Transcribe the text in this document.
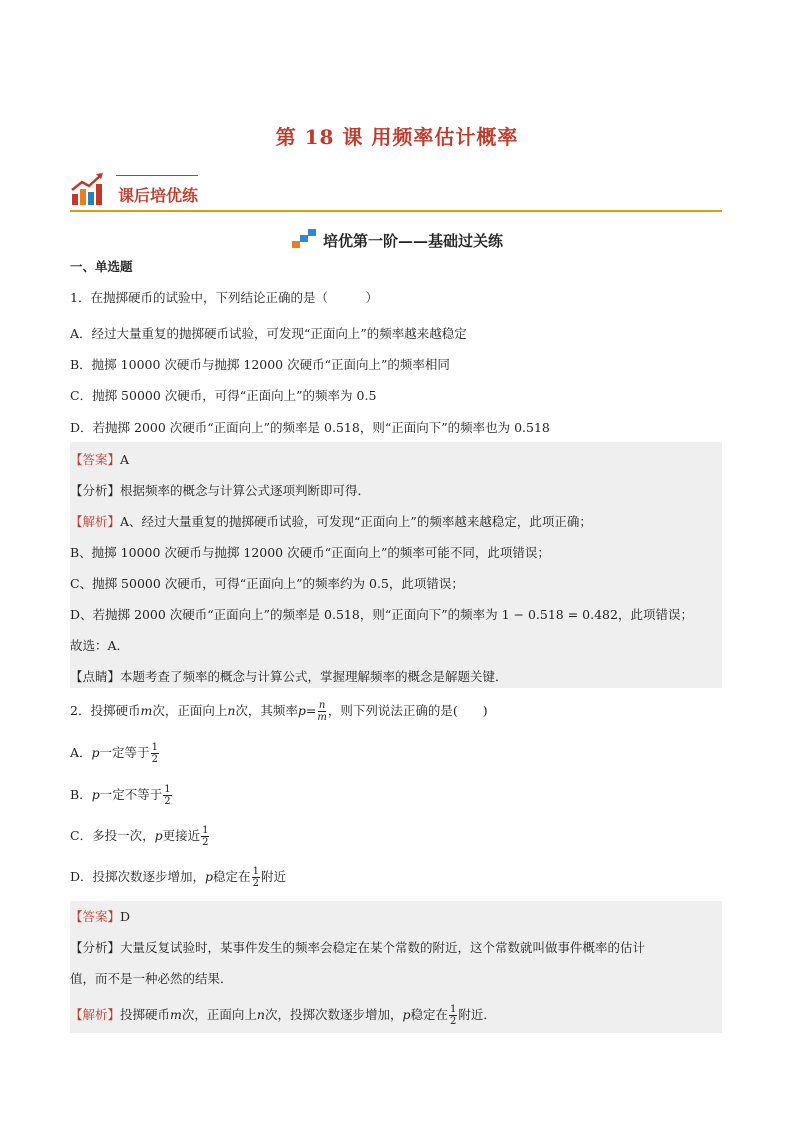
第 18 课 用频率估计概率
课后培优练
培优第一阶——基础过关练
一、单选题
1．在抛掷硬币的试验中，下列结论正确的是（　　　）
A．经过大量重复的抛掷硬币试验，可发现“正面向上”的频率越来越稳定
B．抛掷 10000 次硬币与抛掷 12000 次硬币“正面向上”的频率相同
C．抛掷 50000 次硬币，可得“正面向上”的频率为 0.5
D．若抛掷 2000 次硬币“正面向上”的频率是 0.518，则“正面向下”的频率也为 0.518
【答案】A
【分析】根据频率的概念与计算公式逐项判断即可得．
【解析】A、经过大量重复的抛掷硬币试验，可发现“正面向上”的频率越来越稳定，此项正确；
B、抛掷 10000 次硬币与抛掷 12000 次硬币“正面向上”的频率可能不同，此项错误；
C、抛掷 50000 次硬币，可得“正面向上”的频率约为 0.5，此项错误；
D、若抛掷 2000 次硬币“正面向上”的频率是 0.518，则“正面向下”的频率为 1 − 0.518 = 0.482，此项错误；
故选：A．
【点睛】本题考查了频率的概念与计算公式，掌握理解频率的概念是解题关键．
2．投掷硬币m次，正面向上n次，其频率$p= \frac{n}{m}$ ，则下列说法正确的是(　　)
A．p一定等于 $\frac{1}{2}$
B．p一定不等于 $\frac{1}{2}$
C．多投一次，p更接近 $\frac{1}{2}$
D．投掷次数逐步增加，p稳定在 $\frac{1}{2}$ 附近
【答案】D
【分析】大量反复试验时，某事件发生的频率会稳定在某个常数的附近，这个常数就叫做事件概率的估计
值，而不是一种必然的结果．
【解析】投掷硬币m次，正面向上n次，投掷次数逐步增加，p稳定在 $\frac{1}{2}$ 附近．
